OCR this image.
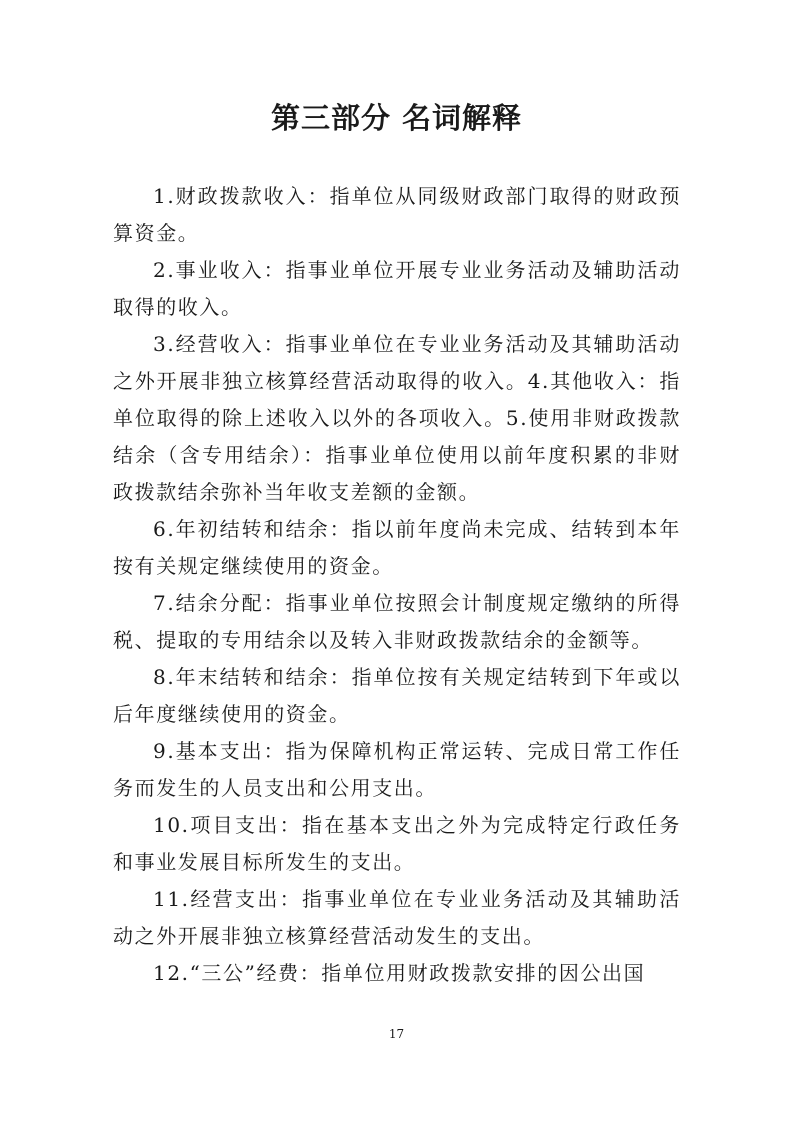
第三部分 名词解释

1.财政拨款收入：指单位从同级财政部门取得的财政预算资金。

2.事业收入：指事业单位开展专业业务活动及辅助活动取得的收入。

3.经营收入：指事业单位在专业业务活动及其辅助活动之外开展非独立核算经营活动取得的收入。4.其他收入：指单位取得的除上述收入以外的各项收入。5.使用非财政拨款结余（含专用结余）：指事业单位使用以前年度积累的非财政拨款结余弥补当年收支差额的金额。

6.年初结转和结余：指以前年度尚未完成、结转到本年按有关规定继续使用的资金。

7.结余分配：指事业单位按照会计制度规定缴纳的所得税、提取的专用结余以及转入非财政拨款结余的金额等。

8.年末结转和结余：指单位按有关规定结转到下年或以后年度继续使用的资金。

9.基本支出：指为保障机构正常运转、完成日常工作任务而发生的人员支出和公用支出。

10.项目支出：指在基本支出之外为完成特定行政任务和事业发展目标所发生的支出。

11.经营支出：指事业单位在专业业务活动及其辅助活动之外开展非独立核算经营活动发生的支出。

12.“三公”经费：指单位用财政拨款安排的因公出国

17
